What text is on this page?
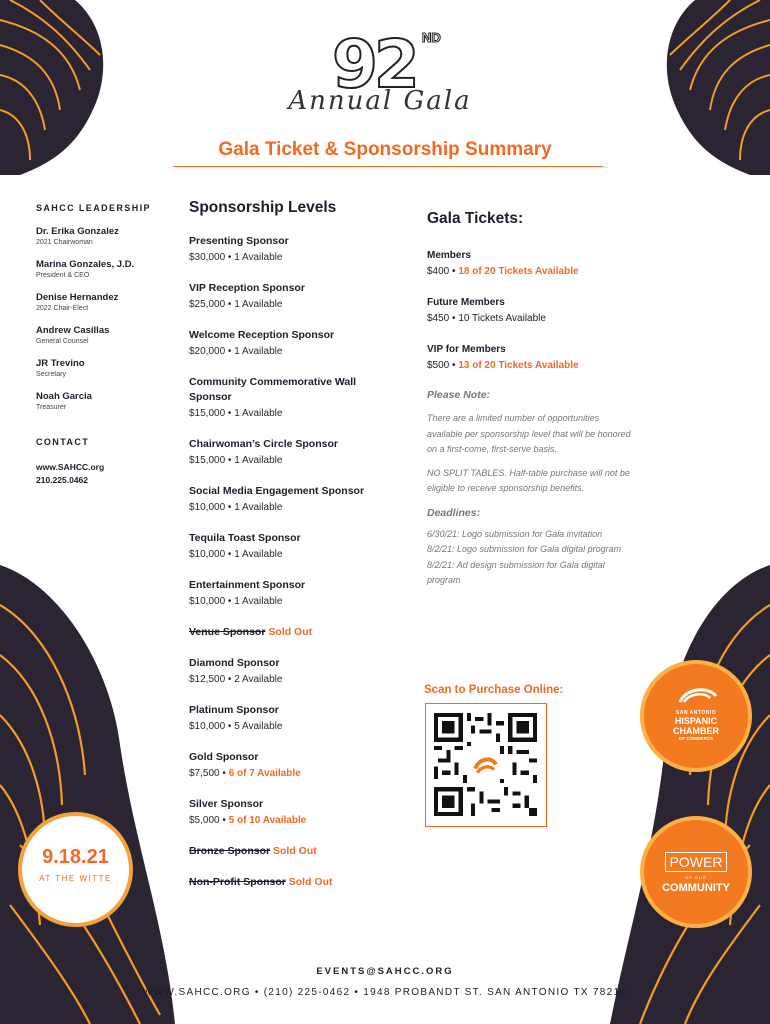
92 ND
Annual Gala
Gala Ticket & Sponsorship Summary
SAHCC LEADERSHIP
Dr. Erika Gonzalez
2021 Chairwoman
Marina Gonzales, J.D.
President & CEO
Denise Hernandez
2022 Chair-Elect
Andrew Casillas
General Counsel
JR Trevino
Secretary
Noah Garcia
Treasurer
CONTACT
www.SAHCC.org
210.225.0462
Sponsorship Levels
Presenting Sponsor
$30,000 • 1 Available
VIP Reception Sponsor
$25,000 • 1 Available
Welcome Reception Sponsor
$20,000 • 1 Available
Community Commemorative Wall Sponsor
$15,000 • 1 Available
Chairwoman’s Circle Sponsor
$15,000 • 1 Available
Social Media Engagement Sponsor
$10,000 • 1 Available
Tequila Toast Sponsor
$10,000 • 1 Available
Entertainment Sponsor
$10,000 • 1 Available
Venue Sponsor Sold Out
Diamond Sponsor
$12,500 • 2 Available
Platinum Sponsor
$10,000 • 5 Available
Gold Sponsor
$7,500 • 6 of 7 Available
Silver Sponsor
$5,000 • 5 of 10 Available
Bronze Sponsor Sold Out
Non-Profit Sponsor Sold Out
Gala Tickets:
Members
$400 • 18 of 20 Tickets Available
Future Members
$450 • 10 Tickets Available
VIP for Members
$500 • 13 of 20 Tickets Available
Please Note:
There are a limited number of opportunities available per sponsorship level that will be honored on a first-come, first-serve basis.
NO SPLIT TABLES. Half-table purchase will not be eligible to receive sponsorship benefits.
Deadlines:
6/30/21: Logo submission for Gala invitation
8/2/21: Logo submission for Gala digital program
8/2/21: Ad design submission for Gala digital program
Scan to Purchase Online:
9.18.21
AT THE WITTE
SAN ANTONIO
HISPANIC
CHAMBER
OF COMMERCE
POWER
OF OUR
COMMUNITY
EVENTS@SAHCC.ORG
WWW.SAHCC.ORG • (210) 225-0462 • 1948 PROBANDT ST. SAN ANTONIO TX 78214
